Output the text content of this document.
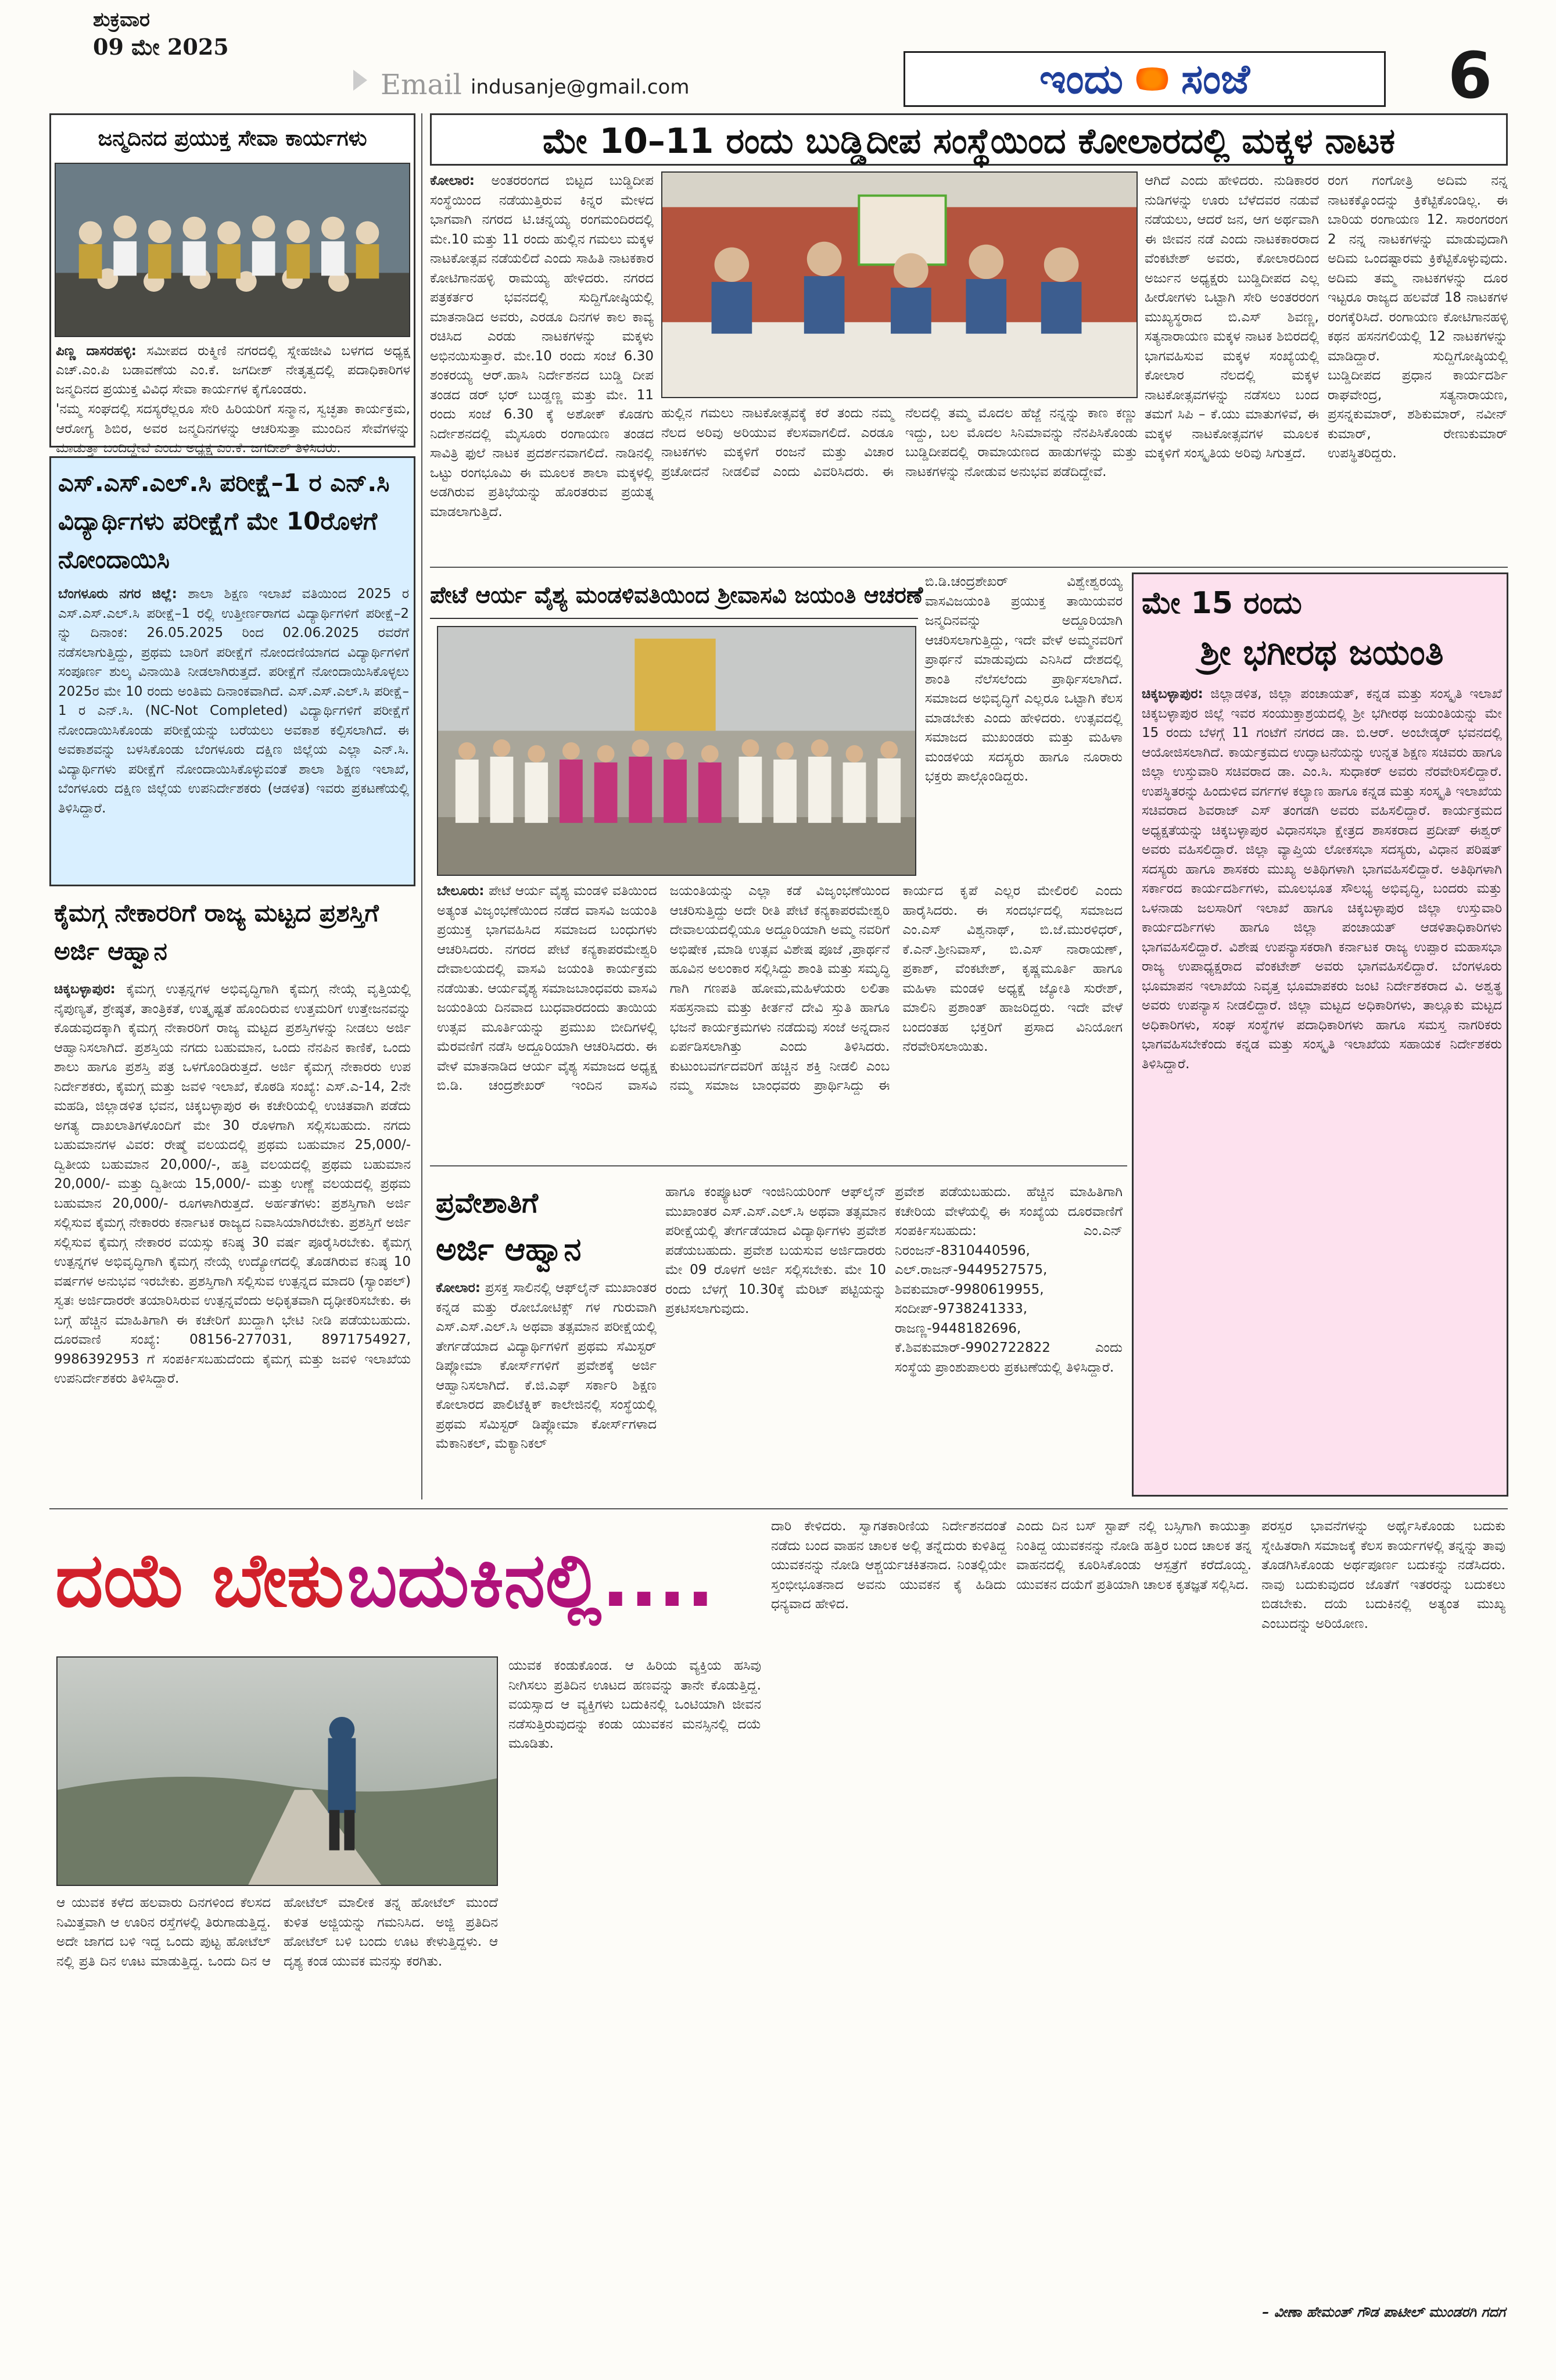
ಶುಕ್ರವಾರ
09 ಮೇ 2025
Email indusanje@gmail.com	ಇಂದು ಸಂಜೆ	6
ಜನ್ಮದಿನದ ಪ್ರಯುಕ್ತ ಸೇವಾ ಕಾರ್ಯಗಳು
ಪಿಣ್ಣ ದಾಸರಹಳ್ಳಿ: ಸಮೀಪದ ರುಕ್ಮಿಣಿ ನಗರದಲ್ಲಿ ಸ್ನೇಹಜೀವಿ ಬಳಗದ ಅಧ್ಯಕ್ಷ ಎಚ್.ಎಂ.ಪಿ ಬಡಾವಣೆಯ ಎಂ.ಕೆ. ಜಗದೀಶ್ ನೇತೃತ್ವದಲ್ಲಿ ಪದಾಧಿಕಾರಿಗಳ ಜನ್ಮದಿನದ ಪ್ರಯುಕ್ತ ವಿವಿಧ ಸೇವಾ ಕಾರ್ಯಗಳ ಕೈಗೊಂಡರು.
'ನಮ್ಮ ಸಂಘದಲ್ಲಿ ಸದಸ್ಯರೆಲ್ಲರೂ ಸೇರಿ ಹಿರಿಯರಿಗೆ ಸನ್ಮಾನ, ಸ್ವಚ್ಛತಾ ಕಾರ್ಯಕ್ರಮ, ಆರೋಗ್ಯ ಶಿಬಿರ, ಅವರ ಜನ್ಮದಿನಗಳನ್ನು ಆಚರಿಸುತ್ತಾ ಮುಂದಿನ ಸೇವೆಗಳನ್ನು ಮಾಡುತ್ತಾ ಬಂದಿದ್ದೇವೆ ಎಂದು ಅಧ್ಯಕ್ಷ ಎಂ.ಕೆ. ಜಗದೀಶ್ ತಿಳಿಸಿದರು.
ಎಸ್.ಎಸ್.ಎಲ್.ಸಿ ಪರೀಕ್ಷೆ–1 ರ ಎನ್.ಸಿ ವಿದ್ಯಾರ್ಥಿಗಳು ಪರೀಕ್ಷೆಗೆ ಮೇ 10ರೊಳಗೆ ನೋಂದಾಯಿಸಿ
ಬೆಂಗಳೂರು ನಗರ ಜಿಲ್ಲೆ: ಶಾಲಾ ಶಿಕ್ಷಣ ಇಲಾಖೆ ವತಿಯಿಂದ 2025 ರ ಎಸ್.ಎಸ್.ಎಲ್.ಸಿ ಪರೀಕ್ಷೆ–1 ರಲ್ಲಿ ಉತ್ತೀರ್ಣರಾಗದ ವಿದ್ಯಾರ್ಥಿಗಳಿಗೆ ಪರೀಕ್ಷೆ–2 ನ್ನು ದಿನಾಂಕ: 26.05.2025 ರಿಂದ 02.06.2025 ರವರೆಗೆ ನಡೆಸಲಾಗುತ್ತಿದ್ದು, ಪ್ರಥಮ ಬಾರಿಗೆ ಪರೀಕ್ಷೆಗೆ ನೋಂದಣಿಯಾಗದ ವಿದ್ಯಾರ್ಥಿಗಳಿಗೆ ಸಂಪೂರ್ಣ ಶುಲ್ಕ ವಿನಾಯಿತಿ ನೀಡಲಾಗಿರುತ್ತದೆ. ಪರೀಕ್ಷೆಗೆ ನೋಂದಾಯಿಸಿಕೊಳ್ಳಲು 2025ರ ಮೇ 10 ರಂದು ಅಂತಿಮ ದಿನಾಂಕವಾಗಿದೆ. ಎಸ್.ಎಸ್.ಎಲ್.ಸಿ ಪರೀಕ್ಷೆ–1 ರ ಎನ್.ಸಿ. (NC-Not Completed) ವಿದ್ಯಾರ್ಥಿಗಳಿಗೆ ಪರೀಕ್ಷೆಗೆ ನೋಂದಾಯಿಸಿಕೊಂಡು ಪರೀಕ್ಷೆಯನ್ನು ಬರೆಯಲು ಅವಕಾಶ ಕಲ್ಪಿಸಲಾಗಿದೆ. ಈ ಅವಕಾಶವನ್ನು ಬಳಸಿಕೊಂಡು ಬೆಂಗಳೂರು ದಕ್ಷಿಣ ಜಿಲ್ಲೆಯ ಎಲ್ಲಾ ಎನ್.ಸಿ. ವಿದ್ಯಾರ್ಥಿಗಳು ಪರೀಕ್ಷೆಗೆ ನೋಂದಾಯಿಸಿಕೊಳ್ಳುವಂತೆ ಶಾಲಾ ಶಿಕ್ಷಣ ಇಲಾಖೆ, ಬೆಂಗಳೂರು ದಕ್ಷಿಣ ಜಿಲ್ಲೆಯ ಉಪನಿರ್ದೇಶಕರು (ಆಡಳಿತ) ಇವರು ಪ್ರಕಟಣೆಯಲ್ಲಿ ತಿಳಿಸಿದ್ದಾರೆ.
ಕೈಮಗ್ಗ ನೇಕಾರರಿಗೆ ರಾಜ್ಯ ಮಟ್ಟದ ಪ್ರಶಸ್ತಿಗೆ ಅರ್ಜಿ ಆಹ್ವಾನ
ಚಿಕ್ಕಬಳ್ಳಾಪುರ: ಕೈಮಗ್ಗ ಉತ್ಪನ್ನಗಳ ಅಭಿವೃದ್ಧಿಗಾಗಿ ಕೈಮಗ್ಗ ನೇಯ್ಗೆ ವೃತ್ತಿಯಲ್ಲಿ ನೈಪುಣ್ಯತೆ, ಶ್ರೇಷ್ಠತೆ, ತಾಂತ್ರಿಕತೆ, ಉತ್ಕೃಷ್ಟತೆ ಹೊಂದಿರುವ ಉತ್ತಮರಿಗೆ ಉತ್ತೇಜನವನ್ನು ಕೊಡುವುದಕ್ಕಾಗಿ ಕೈಮಗ್ಗ ನೇಕಾರರಿಗೆ ರಾಜ್ಯ ಮಟ್ಟದ ಪ್ರಶಸ್ತಿಗಳನ್ನು ನೀಡಲು ಅರ್ಜಿ ಆಹ್ವಾನಿಸಲಾಗಿದೆ. ಪ್ರಶಸ್ತಿಯ ನಗದು ಬಹುಮಾನ, ಒಂದು ನೆನಪಿನ ಕಾಣಿಕೆ, ಒಂದು ಶಾಲು ಹಾಗೂ ಪ್ರಶಸ್ತಿ ಪತ್ರ ಒಳಗೊಂಡಿರುತ್ತದೆ. ಅರ್ಜಿ ಕೈಮಗ್ಗ ನೇಕಾರರು ಉಪ ನಿರ್ದೇಶಕರು, ಕೈಮಗ್ಗ ಮತ್ತು ಜವಳಿ ಇಲಾಖೆ, ಕೊಠಡಿ ಸಂಖ್ಯೆ: ಎಸ್.ಎ-14, 2ನೇ ಮಹಡಿ, ಜಿಲ್ಲಾಡಳಿತ ಭವನ, ಚಿಕ್ಕಬಳ್ಳಾಪುರ ಈ ಕಚೇರಿಯಲ್ಲಿ ಉಚಿತವಾಗಿ ಪಡೆದು ಅಗತ್ಯ ದಾಖಲಾತಿಗಳೊಂದಿಗೆ ಮೇ 30 ರೊಳಗಾಗಿ ಸಲ್ಲಿಸಬಹುದು. ನಗದು ಬಹುಮಾನಗಳ ವಿವರ: ರೇಷ್ಮೆ ವಲಯದಲ್ಲಿ ಪ್ರಥಮ ಬಹುಮಾನ 25,000/- ದ್ವಿತೀಯ ಬಹುಮಾನ 20,000/-, ಹತ್ತಿ ವಲಯದಲ್ಲಿ ಪ್ರಥಮ ಬಹುಮಾನ 20,000/- ಮತ್ತು ದ್ವಿತೀಯ 15,000/- ಮತ್ತು ಉಣ್ಣೆ ವಲಯದಲ್ಲಿ ಪ್ರಥಮ ಬಹುಮಾನ 20,000/- ರೂಗಳಾಗಿರುತ್ತದೆ. ಅರ್ಹತೆಗಳು: ಪ್ರಶಸ್ತಿಗಾಗಿ ಅರ್ಜಿ ಸಲ್ಲಿಸುವ ಕೈಮಗ್ಗ ನೇಕಾರರು ಕರ್ನಾಟಕ ರಾಜ್ಯದ ನಿವಾಸಿಯಾಗಿರಬೇಕು. ಪ್ರಶಸ್ತಿಗೆ ಅರ್ಜಿ ಸಲ್ಲಿಸುವ ಕೈಮಗ್ಗ ನೇಕಾರರ ವಯಸ್ಸು ಕನಿಷ್ಠ 30 ವರ್ಷ ಪೂರೈಸಿರಬೇಕು. ಕೈಮಗ್ಗ ಉತ್ಪನ್ನಗಳ ಅಭಿವೃದ್ಧಿಗಾಗಿ ಕೈಮಗ್ಗ ನೇಯ್ಗೆ ಉದ್ಯೋಗದಲ್ಲಿ ತೊಡಗಿರುವ ಕನಿಷ್ಠ 10 ವರ್ಷಗಳ ಅನುಭವ ಇರಬೇಕು. ಪ್ರಶಸ್ತಿಗಾಗಿ ಸಲ್ಲಿಸುವ ಉತ್ಪನ್ನದ ಮಾದರಿ (ಸ್ಯಾಂಪಲ್) ಸ್ವತಃ ಅರ್ಜಿದಾರರೇ ತಯಾರಿಸಿರುವ ಉತ್ಪನ್ನವೆಂದು ಅಧಿಕೃತವಾಗಿ ದೃಢೀಕರಿಸಬೇಕು. ಈ ಬಗ್ಗೆ ಹೆಚ್ಚಿನ ಮಾಹಿತಿಗಾಗಿ ಈ ಕಚೇರಿಗೆ ಖುದ್ದಾಗಿ ಭೇಟಿ ನೀಡಿ ಪಡೆಯಬಹುದು. ದೂರವಾಣಿ ಸಂಖ್ಯೆ: 08156-277031, 8971754927, 9986392953 ಗೆ ಸಂಪರ್ಕಿಸಬಹುದೆಂದು ಕೈಮಗ್ಗ ಮತ್ತು ಜವಳಿ ಇಲಾಖೆಯ ಉಪನಿರ್ದೇಶಕರು ತಿಳಿಸಿದ್ದಾರೆ.
ಮೇ 10–11 ರಂದು ಬುಡ್ಡಿದೀಪ ಸಂಸ್ಥೆಯಿಂದ ಕೋಲಾರದಲ್ಲಿ ಮಕ್ಕಳ ನಾಟಕ
ಕೋಲಾರ: ಅಂತರರಂಗದ ಬಿಟ್ಟದ ಬುಡ್ಡಿದೀಪ ಸಂಸ್ಥೆಯಿಂದ ನಡೆಯುತ್ತಿರುವ ಕಿನ್ನರ ಮೇಳದ ಭಾಗವಾಗಿ ನಗರದ ಟಿ.ಚನ್ನಯ್ಯ ರಂಗಮಂದಿರದಲ್ಲಿ ಮೇ.10 ಮತ್ತು 11 ರಂದು ಹುಲ್ಲಿನ ಗಮಲು ಮಕ್ಕಳ ನಾಟಕೋತ್ಸವ ನಡೆಯಲಿದೆ ಎಂದು ಸಾಹಿತಿ ನಾಟಕಕಾರ ಕೋಟಿಗಾನಹಳ್ಳಿ ರಾಮಯ್ಯ ಹೇಳಿದರು. ನಗರದ ಪತ್ರಕರ್ತರ ಭವನದಲ್ಲಿ ಸುದ್ದಿಗೋಷ್ಠಿಯಲ್ಲಿ ಮಾತನಾಡಿದ ಅವರು, ಎರಡೂ ದಿನಗಳ ಕಾಲ ಕಾವ್ಯ ರಚಿಸಿದ ಎರಡು ನಾಟಕಗಳನ್ನು ಮಕ್ಕಳು ಅಭಿನಯಿಸುತ್ತಾರೆ. ಮೇ.10 ರಂದು ಸಂಜೆ 6.30 ಶಂಕರಯ್ಯ ಆರ್.ಹಾಸಿ ನಿರ್ದೇಶನದ ಬುಡ್ಡಿ ದೀಪ ತಂಡದ ಡರ್ ಭರ್ ಬುಡ್ಡಣ್ಣ ಮತ್ತು ಮೇ. 11 ರಂದು ಸಂಜೆ 6.30 ಕ್ಕೆ ಅಶೋಕ್ ಕೊಡಗು ನಿರ್ದೇಶನದಲ್ಲಿ ಮೈಸೂರು ರಂಗಾಯಣ ತಂಡದ ಸಾವಿತ್ರಿ ಫುಲೆ ನಾಟಕ ಪ್ರದರ್ಶನವಾಗಲಿದೆ. ನಾಡಿನಲ್ಲಿ ಒಟ್ಟು ರಂಗಭೂಮಿ ಈ ಮೂಲಕ ಶಾಲಾ ಮಕ್ಕಳಲ್ಲಿ ಅಡಗಿರುವ ಪ್ರತಿಭೆಯನ್ನು ಹೊರತರುವ ಪ್ರಯತ್ನ ಮಾಡಲಾಗುತ್ತಿದೆ.
ಹುಲ್ಲಿನ ಗಮಲು ನಾಟಕೋತ್ಸವಕ್ಕೆ ಕರೆ ತಂದು ನಮ್ಮ ನೆಲದ ಅರಿವು ಅರಿಯುವ ಕೆಲಸವಾಗಲಿದೆ. ಎರಡೂ ನಾಟಕಗಳು ಮಕ್ಕಳಿಗೆ ರಂಜನೆ ಮತ್ತು ವಿಚಾರ ಪ್ರಚೋದನೆ ನೀಡಲಿವೆ ಎಂದು ವಿವರಿಸಿದರು. ಈ ನೆಲದಲ್ಲಿ ತಮ್ಮ ಮೊದಲ ಹೆಜ್ಜೆ ನನ್ನನ್ನು ಕಾಣ ಕಣ್ಣು ಇದ್ದು, ಬಲ ಮೊದಲ ಸಿನಿಮಾವನ್ನು ನೆನಪಿಸಿಕೊಂಡು ಬುಡ್ಡಿದೀಪದಲ್ಲಿ ರಾಮಾಯಣದ ಹಾಡುಗಳನ್ನು ಮತ್ತು ನಾಟಕಗಳನ್ನು ನೋಡುವ ಅನುಭವ ಪಡೆದಿದ್ದೇವೆ.
ಆಗಿದೆ ಎಂದು ಹೇಳಿದರು. ನುಡಿಕಾರರ ನುಡಿಗಳನ್ನು ಊರು ಬೆಳೆದವರ ನಡುವೆ ನಡೆಯಲು, ಆದರೆ ಜನ, ಆಗ ಅರ್ಥವಾಗಿ ಈ ಜೀವನ ನಡೆ ಎಂದು ನಾಟಕಕಾರರಾದ ವೆಂಕಟೇಶ್ ಅವರು, ಕೋಲಾರದಿಂದ ಅರ್ಜುನ ಅಧ್ಯಕ್ಷರು ಬುಡ್ಡಿದೀಪದ ಎಲ್ಲ ಹೀರೋಗಳು ಒಟ್ಟಾಗಿ ಸೇರಿ ಅಂತರರಂಗ ಮುಖ್ಯಸ್ಥರಾದ ಬಿ.ಎಸ್ ಶಿವಣ್ಣ, ಸತ್ಯನಾರಾಯಣ ಮಕ್ಕಳ ನಾಟಕ ಶಿಬಿರದಲ್ಲಿ ಭಾಗವಹಿಸುವ ಮಕ್ಕಳ ಸಂಖ್ಯೆಯಲ್ಲಿ ಕೋಲಾರ ನೆಲದಲ್ಲಿ ಮಕ್ಕಳ ನಾಟಕೋತ್ಸವಗಳನ್ನು ನಡೆಸಲು ಬಂದ ತಮಗೆ ಸಿಪಿ – ಕೆ.ಯು ಮಾತುಗಳಿವೆ, ಈ ಮಕ್ಕಳ ನಾಟಕೋತ್ಸವಗಳ ಮೂಲಕ ಮಕ್ಕಳಿಗೆ ಸಂಸ್ಕೃತಿಯ ಅರಿವು ಸಿಗುತ್ತದೆ.
ರಂಗ ಗಂಗೋತ್ರಿ ಅದಿಮ ನನ್ನ ನಾಟಕಕ್ಕೊಂದನ್ನು ಕ್ರಿಕೆಟ್ಟಿಕೊಂಡಿಲ್ಲ. ಈ ಬಾರಿಯ ರಂಗಾಯಣ 12. ಸಾರಂಗರಂಗ 2 ನನ್ನ ನಾಟಕಗಳನ್ನು ಮಾಡುವುದಾಗಿ ಅದಿಮ ಒಂದಷ್ಟಾರಮ ಕ್ರಿಕೆಟ್ಟಿಕೊಳ್ಳುವುದು. ಅದಿಮ ತಮ್ಮ ನಾಟಕಗಳನ್ನು ದೂರ ಇಟ್ಟರೂ ರಾಜ್ಯದ ಹಲವೆಡೆ 18 ನಾಟಕಗಳ ರಂಗಕ್ಕೆರಿಸಿದೆ. ರಂಗಾಯಣ ಕೋಟಿಗಾನಹಳ್ಳಿ ಕಥನ ಹಸನಗಲಿಯಲ್ಲಿ 12 ನಾಟಕಗಳನ್ನು ಮಾಡಿದ್ದಾರೆ. ಸುದ್ದಿಗೋಷ್ಠಿಯಲ್ಲಿ ಬುಡ್ಡಿದೀಪದ ಪ್ರಧಾನ ಕಾರ್ಯದರ್ಶಿ ರಾಘವೇಂದ್ರ, ಸತ್ಯನಾರಾಯಣ, ಪ್ರಸನ್ನಕುಮಾರ್, ಶಶಿಕುಮಾರ್, ನವೀನ್ ಕುಮಾರ್, ರೇಣುಕುಮಾರ್ ಉಪಸ್ಥಿತರಿದ್ದರು.
ಪೇಟೆ ಆರ್ಯ ವೈಶ್ಯ ಮಂಡಳಿವತಿಯಿಂದ ಶ್ರೀವಾಸವಿ ಜಯಂತಿ ಆಚರಣೆ
ಬಿ.ಡಿ.ಚಂದ್ರಶೇಖರ್ ವಿಶ್ವೇಶ್ವರಯ್ಯ ವಾಸವಿಜಯಂತಿ ಪ್ರಯುಕ್ತ ತಾಯಿಯವರ ಜನ್ಮದಿನವನ್ನು ಅದ್ದೂರಿಯಾಗಿ ಆಚರಿಸಲಾಗುತ್ತಿದ್ದು, ಇದೇ ವೇಳೆ ಅಮ್ಮನವರಿಗೆ ಪ್ರಾರ್ಥನೆ ಮಾಡುವುದು ಎನಿಸಿದೆ ದೇಶದಲ್ಲಿ ಶಾಂತಿ ನೆಲೆಸಲೆಂದು ಪ್ರಾರ್ಥಿಸಲಾಗಿದೆ. ಸಮಾಜದ ಅಭಿವೃದ್ಧಿಗೆ ಎಲ್ಲರೂ ಒಟ್ಟಾಗಿ ಕೆಲಸ ಮಾಡಬೇಕು ಎಂದು ಹೇಳಿದರು. ಉತ್ಸವದಲ್ಲಿ ಸಮಾಜದ ಮುಖಂಡರು ಮತ್ತು ಮಹಿಳಾ ಮಂಡಳಿಯ ಸದಸ್ಯರು ಹಾಗೂ ನೂರಾರು ಭಕ್ತರು ಪಾಲ್ಗೊಂಡಿದ್ದರು.
ಬೇಲೂರು: ಪೇಟೆ ಆರ್ಯ ವೈಶ್ಯ ಮಂಡಳಿ ವತಿಯಿಂದ ಅತ್ಯಂತ ವಿಜೃಂಭಣೆಯಿಂದ ನಡೆದ ವಾಸವಿ ಜಯಂತಿ ಪ್ರಯುಕ್ತ ಭಾಗವಹಿಸಿದ ಸಮಾಜದ ಬಂಧುಗಳು ಆಚರಿಸಿದರು. ನಗರದ ಪೇಟೆ ಕನ್ಯಕಾಪರಮೇಶ್ವರಿ ದೇವಾಲಯದಲ್ಲಿ ವಾಸವಿ ಜಯಂತಿ ಕಾರ್ಯಕ್ರಮ ನಡೆಯಿತು. ಆರ್ಯವೈಶ್ಯ ಸಮಾಜಬಾಂಧವರು ವಾಸವಿ ಜಯಂತಿಯ ದಿನವಾದ ಬುಧವಾರದಂದು ತಾಯಿಯ ಉತ್ಸವ ಮೂರ್ತಿಯನ್ನು ಪ್ರಮುಖ ಬೀದಿಗಳಲ್ಲಿ ಮೆರವಣಿಗೆ ನಡೆಸಿ ಅದ್ದೂರಿಯಾಗಿ ಆಚರಿಸಿದರು. ಈ ವೇಳೆ ಮಾತನಾಡಿದ ಆರ್ಯ ವೈಶ್ಯ ಸಮಾಜದ ಅಧ್ಯಕ್ಷ ಬಿ.ಡಿ. ಚಂದ್ರಶೇಖರ್ ಇಂದಿನ ವಾಸವಿ ಜಯಂತಿಯನ್ನು ಎಲ್ಲಾ ಕಡೆ ವಿಜೃಂಭಣೆಯಿಂದ ಆಚರಿಸುತ್ತಿದ್ದು ಅದೇ ರೀತಿ ಪೇಟೆ ಕನ್ಯಕಾಪರಮೇಶ್ವರಿ ದೇವಾಲಯದಲ್ಲಿಯೂ ಅದ್ದೂರಿಯಾಗಿ ಅಮ್ಮ ನವರಿಗೆ ಅಭಿಷೇಕ ,ಮಾಡಿ ಉತ್ಸವ ವಿಶೇಷ ಪೂಜೆ ,ಪ್ರಾರ್ಥನೆ ಹೂವಿನ ಅಲಂಕಾರ ಸಲ್ಲಿಸಿದ್ದು ಶಾಂತಿ ಮತ್ತು ಸಮೃದ್ಧಿ ಗಾಗಿ ಗಣಪತಿ ಹೋಮ,ಮಹಿಳೆಯರು ಲಲಿತಾ ಸಹಸ್ರನಾಮ ಮತ್ತು ಕೀರ್ತನೆ ದೇವಿ ಸ್ತುತಿ ಹಾಗೂ ಭಜನೆ ಕಾರ್ಯಕ್ರಮಗಳು ನಡೆದುವು ಸಂಜೆ ಅನ್ನದಾನ ಏರ್ಪಡಿಸಲಾಗಿತ್ತು ಎಂದು ತಿಳಿಸಿದರು. ಕುಟುಂಬವರ್ಗದವರಿಗೆ ಹಚ್ಚಿನ ಶಕ್ತಿ ನೀಡಲಿ ಎಂಬ ನಮ್ಮ ಸಮಾಜ ಬಾಂಧವರು ಪ್ರಾರ್ಥಿಸಿದ್ದು ಈ ಕಾರ್ಯದ ಕೃಪೆ ಎಲ್ಲರ ಮೇಲಿರಲಿ ಎಂದು ಹಾರೈಸಿದರು. ಈ ಸಂದರ್ಭದಲ್ಲಿ ಸಮಾಜದ ಎಂ.ಎಸ್ ವಿಶ್ವನಾಥ್, ಬಿ.ಜೆ.ಮುರಳಿಧರ್, ಕೆ.ಎನ್.ಶ್ರೀನಿವಾಸ್, ಬಿ.ಎಸ್ ನಾರಾಯಣ್, ಪ್ರಕಾಶ್, ವೆಂಕಟೇಶ್, ಕೃಷ್ಣಮೂರ್ತಿ ಹಾಗೂ ಮಹಿಳಾ ಮಂಡಳಿ ಅಧ್ಯಕ್ಷೆ ಜ್ಯೋತಿ ಸುರೇಶ್, ಮಾಲಿನಿ ಪ್ರಶಾಂತ್ ಹಾಜರಿದ್ದರು. ಇದೇ ವೇಳೆ ಬಂದಂತಹ ಭಕ್ತರಿಗೆ ಪ್ರಸಾದ ವಿನಿಯೋಗ ನೆರವೇರಿಸಲಾಯಿತು.
ಮೇ 15 ರಂದು
ಶ್ರೀ ಭಗೀರಥ ಜಯಂತಿ
ಚಿಕ್ಕಬಳ್ಳಾಪುರ: ಜಿಲ್ಲಾಡಳಿತ, ಜಿಲ್ಲಾ ಪಂಚಾಯತ್, ಕನ್ನಡ ಮತ್ತು ಸಂಸ್ಕೃತಿ ಇಲಾಖೆ ಚಿಕ್ಕಬಳ್ಳಾಪುರ ಜಿಲ್ಲೆ ಇವರ ಸಂಯುಕ್ತಾಶ್ರಯದಲ್ಲಿ ಶ್ರೀ ಭಗೀರಥ ಜಯಂತಿಯನ್ನು ಮೇ 15 ರಂದು ಬೆಳಗ್ಗೆ 11 ಗಂಟೆಗೆ ನಗರದ ಡಾ. ಬಿ.ಆರ್. ಅಂಬೇಡ್ಕರ್ ಭವನದಲ್ಲಿ ಆಯೋಜಿಸಲಾಗಿದೆ. ಕಾರ್ಯಕ್ರಮದ ಉದ್ಘಾಟನೆಯನ್ನು ಉನ್ನತ ಶಿಕ್ಷಣ ಸಚಿವರು ಹಾಗೂ ಜಿಲ್ಲಾ ಉಸ್ತುವಾರಿ ಸಚಿವರಾದ ಡಾ. ಎಂ.ಸಿ. ಸುಧಾಕರ್ ಅವರು ನೆರವೇರಿಸಲಿದ್ದಾರೆ. ಉಪಸ್ಥಿತರನ್ನು ಹಿಂದುಳಿದ ವರ್ಗಗಳ ಕಲ್ಯಾಣ ಹಾಗೂ ಕನ್ನಡ ಮತ್ತು ಸಂಸ್ಕೃತಿ ಇಲಾಖೆಯ ಸಚಿವರಾದ ಶಿವರಾಜ್ ಎಸ್ ತಂಗಡಗಿ ಅವರು ವಹಿಸಲಿದ್ದಾರೆ. ಕಾರ್ಯಕ್ರಮದ ಅಧ್ಯಕ್ಷತೆಯನ್ನು ಚಿಕ್ಕಬಳ್ಳಾಪುರ ವಿಧಾನಸಭಾ ಕ್ಷೇತ್ರದ ಶಾಸಕರಾದ ಪ್ರದೀಪ್ ಈಶ್ವರ್ ಅವರು ವಹಿಸಲಿದ್ದಾರೆ. ಜಿಲ್ಲಾ ವ್ಯಾಪ್ತಿಯ ಲೋಕಸಭಾ ಸದಸ್ಯರು, ವಿಧಾನ ಪರಿಷತ್ ಸದಸ್ಯರು ಹಾಗೂ ಶಾಸಕರು ಮುಖ್ಯ ಅತಿಥಿಗಳಾಗಿ ಭಾಗವಹಿಸಲಿದ್ದಾರೆ. ಅತಿಥಿಗಳಾಗಿ ಸರ್ಕಾರದ ಕಾರ್ಯದರ್ಶಿಗಳು, ಮೂಲಭೂತ ಸೌಲಭ್ಯ ಅಭಿವೃದ್ಧಿ, ಬಂದರು ಮತ್ತು ಒಳನಾಡು ಜಲಸಾರಿಗೆ ಇಲಾಖೆ ಹಾಗೂ ಚಿಕ್ಕಬಳ್ಳಾಪುರ ಜಿಲ್ಲಾ ಉಸ್ತುವಾರಿ ಕಾರ್ಯದರ್ಶಿಗಳು ಹಾಗೂ ಜಿಲ್ಲಾ ಪಂಚಾಯತ್ ಆಡಳಿತಾಧಿಕಾರಿಗಳು ಭಾಗವಹಿಸಲಿದ್ದಾರೆ. ವಿಶೇಷ ಉಪನ್ಯಾಸಕರಾಗಿ ಕರ್ನಾಟಕ ರಾಜ್ಯ ಉಪ್ಪಾರ ಮಹಾಸಭಾ ರಾಜ್ಯ ಉಪಾಧ್ಯಕ್ಷರಾದ ವೆಂಕಟೇಶ್ ಅವರು ಭಾಗವಹಿಸಲಿದ್ದಾರೆ. ಬೆಂಗಳೂರು ಭೂಮಾಪನ ಇಲಾಖೆಯ ನಿವೃತ್ತ ಭೂಮಾಪಕರು ಜಂಟಿ ನಿರ್ದೇಶಕರಾದ ವಿ. ಅಶ್ವತ್ಥ ಅವರು ಉಪನ್ಯಾಸ ನೀಡಲಿದ್ದಾರೆ. ಜಿಲ್ಲಾ ಮಟ್ಟದ ಅಧಿಕಾರಿಗಳು, ತಾಲ್ಲೂಕು ಮಟ್ಟದ ಅಧಿಕಾರಿಗಳು, ಸಂಘ ಸಂಸ್ಥೆಗಳ ಪದಾಧಿಕಾರಿಗಳು ಹಾಗೂ ಸಮಸ್ತ ನಾಗರಿಕರು ಭಾಗವಹಿಸಬೇಕೆಂದು ಕನ್ನಡ ಮತ್ತು ಸಂಸ್ಕೃತಿ ಇಲಾಖೆಯ ಸಹಾಯಕ ನಿರ್ದೇಶಕರು ತಿಳಿಸಿದ್ದಾರೆ.
ಪ್ರವೇಶಾತಿಗೆ
ಅರ್ಜಿ ಆಹ್ವಾನ
ಕೋಲಾರ: ಪ್ರಸಕ್ತ ಸಾಲಿನಲ್ಲಿ ಆಫ್‌ಲೈನ್ ಮುಖಾಂತರ ಕನ್ನಡ ಮತ್ತು ರೋಬೋಟಿಕ್ಸ್ ಗಳ ಗುರುವಾಗಿ ಎಸ್.ಎಸ್.ಎಲ್.ಸಿ ಅಥವಾ ತತ್ಸಮಾನ ಪರೀಕ್ಷೆಯಲ್ಲಿ ತೇರ್ಗಡೆಯಾದ ವಿದ್ಯಾರ್ಥಿಗಳಿಗೆ ಪ್ರಥಮ ಸೆಮಿಸ್ಟರ್ ಡಿಪ್ಲೋಮಾ ಕೋರ್ಸ್‌ಗಳಿಗೆ ಪ್ರವೇಶಕ್ಕೆ ಅರ್ಜಿ ಆಹ್ವಾನಿಸಲಾಗಿದೆ. ಕೆ.ಜಿ.ಎಫ್ ಸರ್ಕಾರಿ ಶಿಕ್ಷಣ ಕೋಲಾರದ ಪಾಲಿಟೆಕ್ನಿಕ್ ಕಾಲೇಜಿನಲ್ಲಿ ಸಂಸ್ಥೆಯಲ್ಲಿ ಪ್ರಥಮ ಸೆಮಿಸ್ಟರ್ ಡಿಪ್ಲೋಮಾ ಕೋರ್ಸ್‌ಗಳಾದ ಮೆಕಾನಿಕಲ್, ಮೆಕ್ಯಾನಿಕಲ್
ಹಾಗೂ ಕಂಪ್ಯೂಟರ್ ಇಂಜಿನಿಯರಿಂಗ್ ಆಫ್‌ಲೈನ್ ಮುಖಾಂತರ ಎಸ್.ಎಸ್.ಎಲ್.ಸಿ ಅಥವಾ ತತ್ಸಮಾನ ಪರೀಕ್ಷೆಯಲ್ಲಿ ತೇರ್ಗಡೆಯಾದ ವಿದ್ಯಾರ್ಥಿಗಳು ಪ್ರವೇಶ ಪಡೆಯಬಹುದು. ಪ್ರವೇಶ ಬಯಸುವ ಅರ್ಜಿದಾರರು ಮೇ 09 ರೊಳಗೆ ಅರ್ಜಿ ಸಲ್ಲಿಸಬೇಕು. ಮೇ 10 ರಂದು ಬೆಳಗ್ಗೆ 10.30ಕ್ಕೆ ಮೆರಿಟ್ ಪಟ್ಟಿಯನ್ನು ಪ್ರಕಟಿಸಲಾಗುವುದು.
ಪ್ರವೇಶ ಪಡೆಯಬಹುದು. ಹೆಚ್ಚಿನ ಮಾಹಿತಿಗಾಗಿ ಕಚೇರಿಯ ವೇಳೆಯಲ್ಲಿ ಈ ಸಂಖ್ಯೆಯ ದೂರವಾಣಿಗೆ ಸಂಪರ್ಕಿಸಬಹುದು: ಎಂ.ಎನ್ ನಿರಂಜನ್-8310440596, ಎಲ್.ರಾಜನ್-9449527575, ಶಿವಕುಮಾರ್-9980619955, ಸಂದೀಪ್-9738241333, ರಾಜಣ್ಣ-9448182696, ಕೆ.ಶಿವಕುಮಾರ್-9902722822 ಎಂದು ಸಂಸ್ಥೆಯ ಪ್ರಾಂಶುಪಾಲರು ಪ್ರಕಟಣೆಯಲ್ಲಿ ತಿಳಿಸಿದ್ದಾರೆ.
ದಯೆ ಬೇಕು ಬದುಕಿನಲ್ಲಿ....
ಆ ಯುವಕ ಕಳೆದ ಹಲವಾರು ದಿನಗಳಿಂದ ಕೆಲಸದ ನಿಮಿತ್ತವಾಗಿ ಆ ಊರಿನ ರಸ್ತೆಗಳಲ್ಲಿ ತಿರುಗಾಡುತ್ತಿದ್ದ. ಅದೇ ಜಾಗದ ಬಳಿ ಇದ್ದ ಒಂದು ಪುಟ್ಟ ಹೋಟೆಲ್ ನಲ್ಲಿ ಪ್ರತಿ ದಿನ ಊಟ ಮಾಡುತ್ತಿದ್ದ. ಒಂದು ದಿನ ಆ ಹೋಟೆಲ್ ಮಾಲೀಕ ತನ್ನ ಹೋಟೆಲ್ ಮುಂದೆ ಕುಳಿತ ಅಜ್ಜಿಯನ್ನು ಗಮನಿಸಿದ. ಅಜ್ಜಿ ಪ್ರತಿದಿನ ಹೋಟೆಲ್ ಬಳಿ ಬಂದು ಊಟ ಕೇಳುತ್ತಿದ್ದಳು. ಆ ದೃಶ್ಯ ಕಂಡ ಯುವಕ ಮನಸ್ಸು ಕರಗಿತು.
ಯುವಕ ಕಂಡುಕೊಂಡ. ಆ ಹಿರಿಯ ವ್ಯಕ್ತಿಯ ಹಸಿವು ನೀಗಿಸಲು ಪ್ರತಿದಿನ ಊಟದ ಹಣವನ್ನು ತಾನೇ ಕೊಡುತ್ತಿದ್ದ. ವಯಸ್ಸಾದ ಆ ವ್ಯಕ್ತಿಗಳು ಬದುಕಿನಲ್ಲಿ ಒಂಟಿಯಾಗಿ ಜೀವನ ನಡೆಸುತ್ತಿರುವುದನ್ನು ಕಂಡು ಯುವಕನ ಮನಸ್ಸಿನಲ್ಲಿ ದಯೆ ಮೂಡಿತು.
ದಾರಿ ಕೇಳಿದರು. ಸ್ವಾಗತಕಾರಿಣಿಯ ನಿರ್ದೇಶನದಂತೆ ನಡೆದು ಬಂದ ವಾಹನ ಚಾಲಕ ಅಲ್ಲಿ ತನ್ನೆದುರು ಕುಳಿತಿದ್ದ ಯುವಕನನ್ನು ನೋಡಿ ಆಶ್ಚರ್ಯಚಕಿತನಾದ. ನಿಂತಲ್ಲಿಯೇ ಸ್ತಂಭೀಭೂತನಾದ ಅವನು ಯುವಕನ ಕೈ ಹಿಡಿದು ಧನ್ಯವಾದ ಹೇಳಿದ.
ಎಂದು ದಿನ ಬಸ್ ಸ್ಟಾಪ್ ನಲ್ಲಿ ಬಸ್ಸಿಗಾಗಿ ಕಾಯುತ್ತಾ ನಿಂತಿದ್ದ ಯುವಕನನ್ನು ನೋಡಿ ಹತ್ತಿರ ಬಂದ ಚಾಲಕ ತನ್ನ ವಾಹನದಲ್ಲಿ ಕೂರಿಸಿಕೊಂಡು ಆಸ್ಪತ್ರೆಗೆ ಕರೆದೊಯ್ದ. ಯುವಕನ ದಯೆಗೆ ಪ್ರತಿಯಾಗಿ ಚಾಲಕ ಕೃತಜ್ಞತೆ ಸಲ್ಲಿಸಿದ.
ಪರಸ್ಪರ ಭಾವನೆಗಳನ್ನು ಅರ್ಥೈಸಿಕೊಂಡು ಬದುಕು ಸ್ನೇಹಿತರಾಗಿ ಸಮಾಜಕ್ಕೆ ಕೆಲಸ ಕಾರ್ಯಗಳಲ್ಲಿ ತನ್ನನ್ನು ತಾವು ತೊಡಗಿಸಿಕೊಂಡು ಅರ್ಥಪೂರ್ಣ ಬದುಕನ್ನು ನಡೆಸಿದರು. ನಾವು ಬದುಕುವುದರ ಜೊತೆಗೆ ಇತರರನ್ನು ಬದುಕಲು ಬಿಡಬೇಕು. ದಯೆ ಬದುಕಿನಲ್ಲಿ ಅತ್ಯಂತ ಮುಖ್ಯ ಎಂಬುದನ್ನು ಅರಿಯೋಣ.
– ವೀಣಾ ಹೇಮಂತ್ ಗೌಡ ಪಾಟೀಲ್ ಮುಂಡರಗಿ ಗದಗ
